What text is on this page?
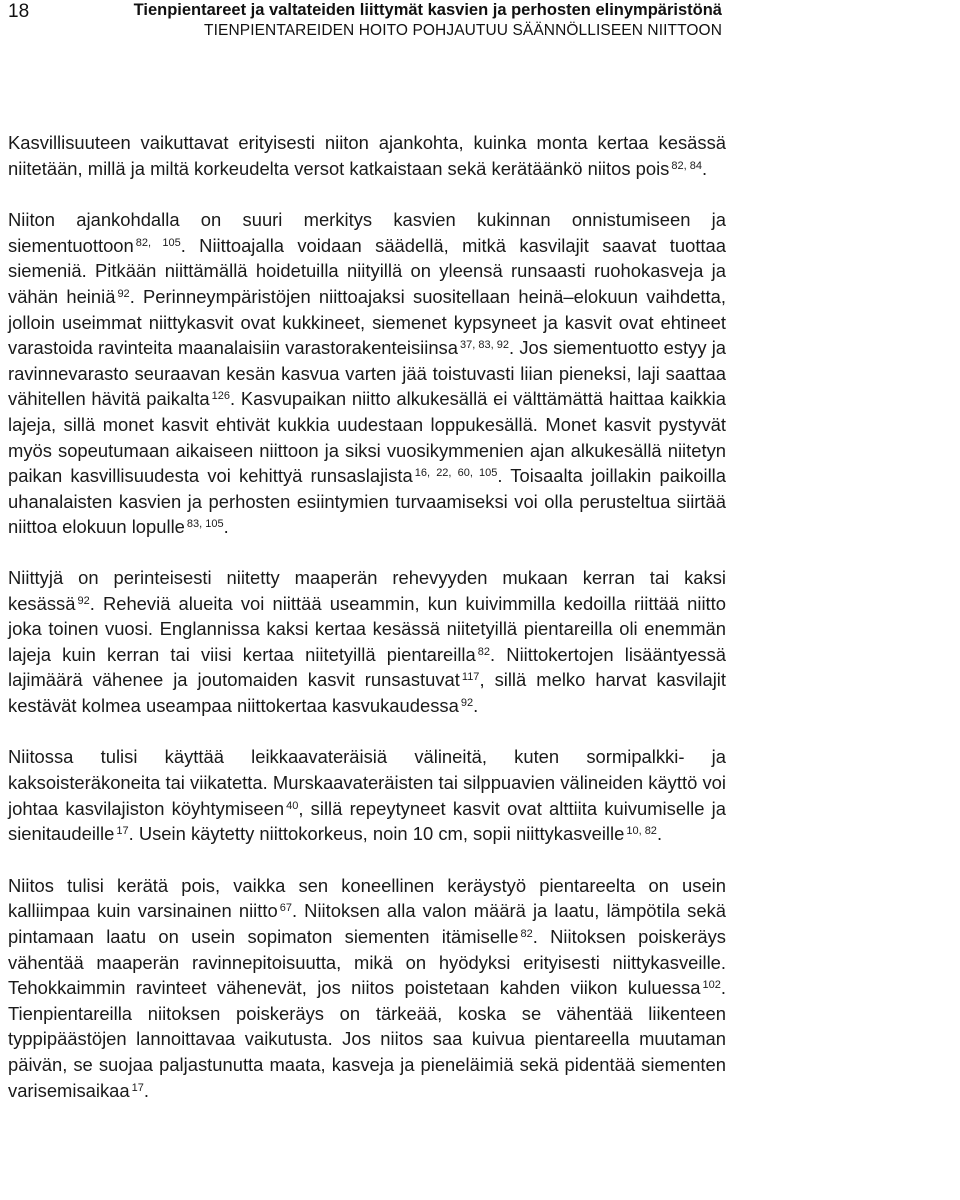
18	Tienpientareet ja valtateiden liittymät kasvien ja perhosten elinympäristönä
TIENPIENTAREIDEN HOITO POHJAUTUU SÄÄNNÖLLISEEN NIITTOON

Kasvillisuuteen vaikuttavat erityisesti niiton ajankohta, kuinka monta kertaa kesässä niitetään, millä ja miltä korkeudelta versot katkaistaan sekä kerätäänkö niitos pois $^{82, 84}$.

Niiton ajankohdalla on suuri merkitys kasvien kukinnan onnistumiseen ja siementuottoon $^{82, 105}$. Niittoajalla voidaan säädellä, mitkä kasvilajit saavat tuottaa siemeniä. Pitkään niittämällä hoidetuilla niityillä on yleensä runsaasti ruohokasveja ja vähän heiniä $^{92}$. Perinneympäristöjen niittoajaksi suositellaan heinä–elokuun vaihdetta, jolloin useimmat niittykasvit ovat kukkineet, siemenet kypsyneet ja kasvit ovat ehtineet varastoida ravinteita maanalaisiin varastorakenteisiinsa $^{37, 83, 92}$. Jos siementuotto estyy ja ravinnevarasto seuraavan kesän kasvua varten jää toistuvasti liian pieneksi, laji saattaa vähitellen hävitä paikalta $^{126}$. Kasvupaikan niitto alkukesällä ei välttämättä haittaa kaikkia lajeja, sillä monet kasvit ehtivät kukkia uudestaan loppukesällä. Monet kasvit pystyvät myös sopeutumaan aikaiseen niittoon ja siksi vuosikymmenien ajan alkukesällä niitetyn paikan kasvillisuudesta voi kehittyä runsaslajista $^{16, 22, 60, 105}$. Toisaalta joillakin paikoilla uhanalaisten kasvien ja perhosten esiintymien turvaamiseksi voi olla perusteltua siirtää niittoa elokuun lopulle $^{83, 105}$.

Niittyjä on perinteisesti niitetty maaperän rehevyyden mukaan kerran tai kaksi kesässä $^{92}$. Reheviä alueita voi niittää useammin, kun kuivimmilla kedoilla riittää niitto joka toinen vuosi. Englannissa kaksi kertaa kesässä niitetyillä pientareilla oli enemmän lajeja kuin kerran tai viisi kertaa niitetyillä pientareilla $^{82}$. Niittokertojen lisääntyessä lajimäärä vähenee ja joutomaiden kasvit runsastuvat $^{117}$, sillä melko harvat kasvilajit kestävät kolmea useampaa niittokertaa kasvukaudessa $^{92}$.

Niitossa tulisi käyttää leikkaavateräisiä välineitä, kuten sormipalkki- ja kaksoisteräkoneita tai viikatetta. Murskaavateräisten tai silppuavien välineiden käyttö voi johtaa kasvilajiston köyhtymiseen $^{40}$, sillä repeytyneet kasvit ovat alttiita kuivumiselle ja sienitaudeille $^{17}$. Usein käytetty niittokorkeus, noin 10 cm, sopii niittykasveille $^{10, 82}$.

Niitos tulisi kerätä pois, vaikka sen koneellinen keräystyö pientareelta on usein kalliimpaa kuin varsinainen niitto $^{67}$. Niitoksen alla valon määrä ja laatu, lämpötila sekä pintamaan laatu on usein sopimaton siementen itämiselle $^{82}$. Niitoksen poiskeräys vähentää maaperän ravinnepitoisuutta, mikä on hyödyksi erityisesti niittykasveille. Tehokkaimmin ravinteet vähenevät, jos niitos poistetaan kahden viikon kuluessa $^{102}$. Tienpientareilla niitoksen poiskeräys on tärkeää, koska se vähentää liikenteen typpipäästöjen lannoittavaa vaikutusta. Jos niitos saa kuivua pientareella muutaman päivän, se suojaa paljastunutta maata, kasveja ja pieneläimiä sekä pidentää siementen varisemisaikaa $^{17}$.
